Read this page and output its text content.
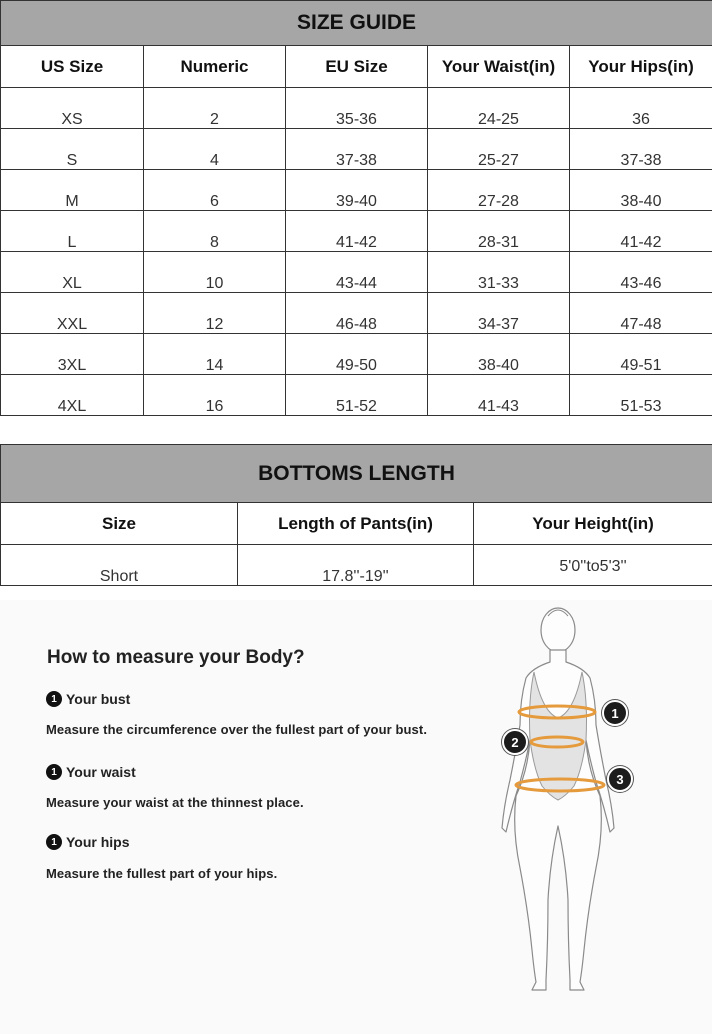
SIZE GUIDE				
US Size	Numeric	EU Size	Your Waist(in)	Your Hips(in)
XS	2	35-36	24-25	36
S	4	37-38	25-27	37-38
M	6	39-40	27-28	38-40
L	8	41-42	28-31	41-42
XL	10	43-44	31-33	43-46
XXL	12	46-48	34-37	47-48
3XL	14	49-50	38-40	49-51
4XL	16	51-52	41-43	51-53
BOTTOMS LENGTH		
Size	Length of Pants(in)	Your Height(in)
Short	17.8''-19''	5'0''to5'3''
How to measure your Body?
1 Your bust
Measure the circumference over the fullest part of your bust.
1 Your waist
Measure your waist at the thinnest place.
1 Your hips
Measure the fullest part of your hips.
1
2
3
